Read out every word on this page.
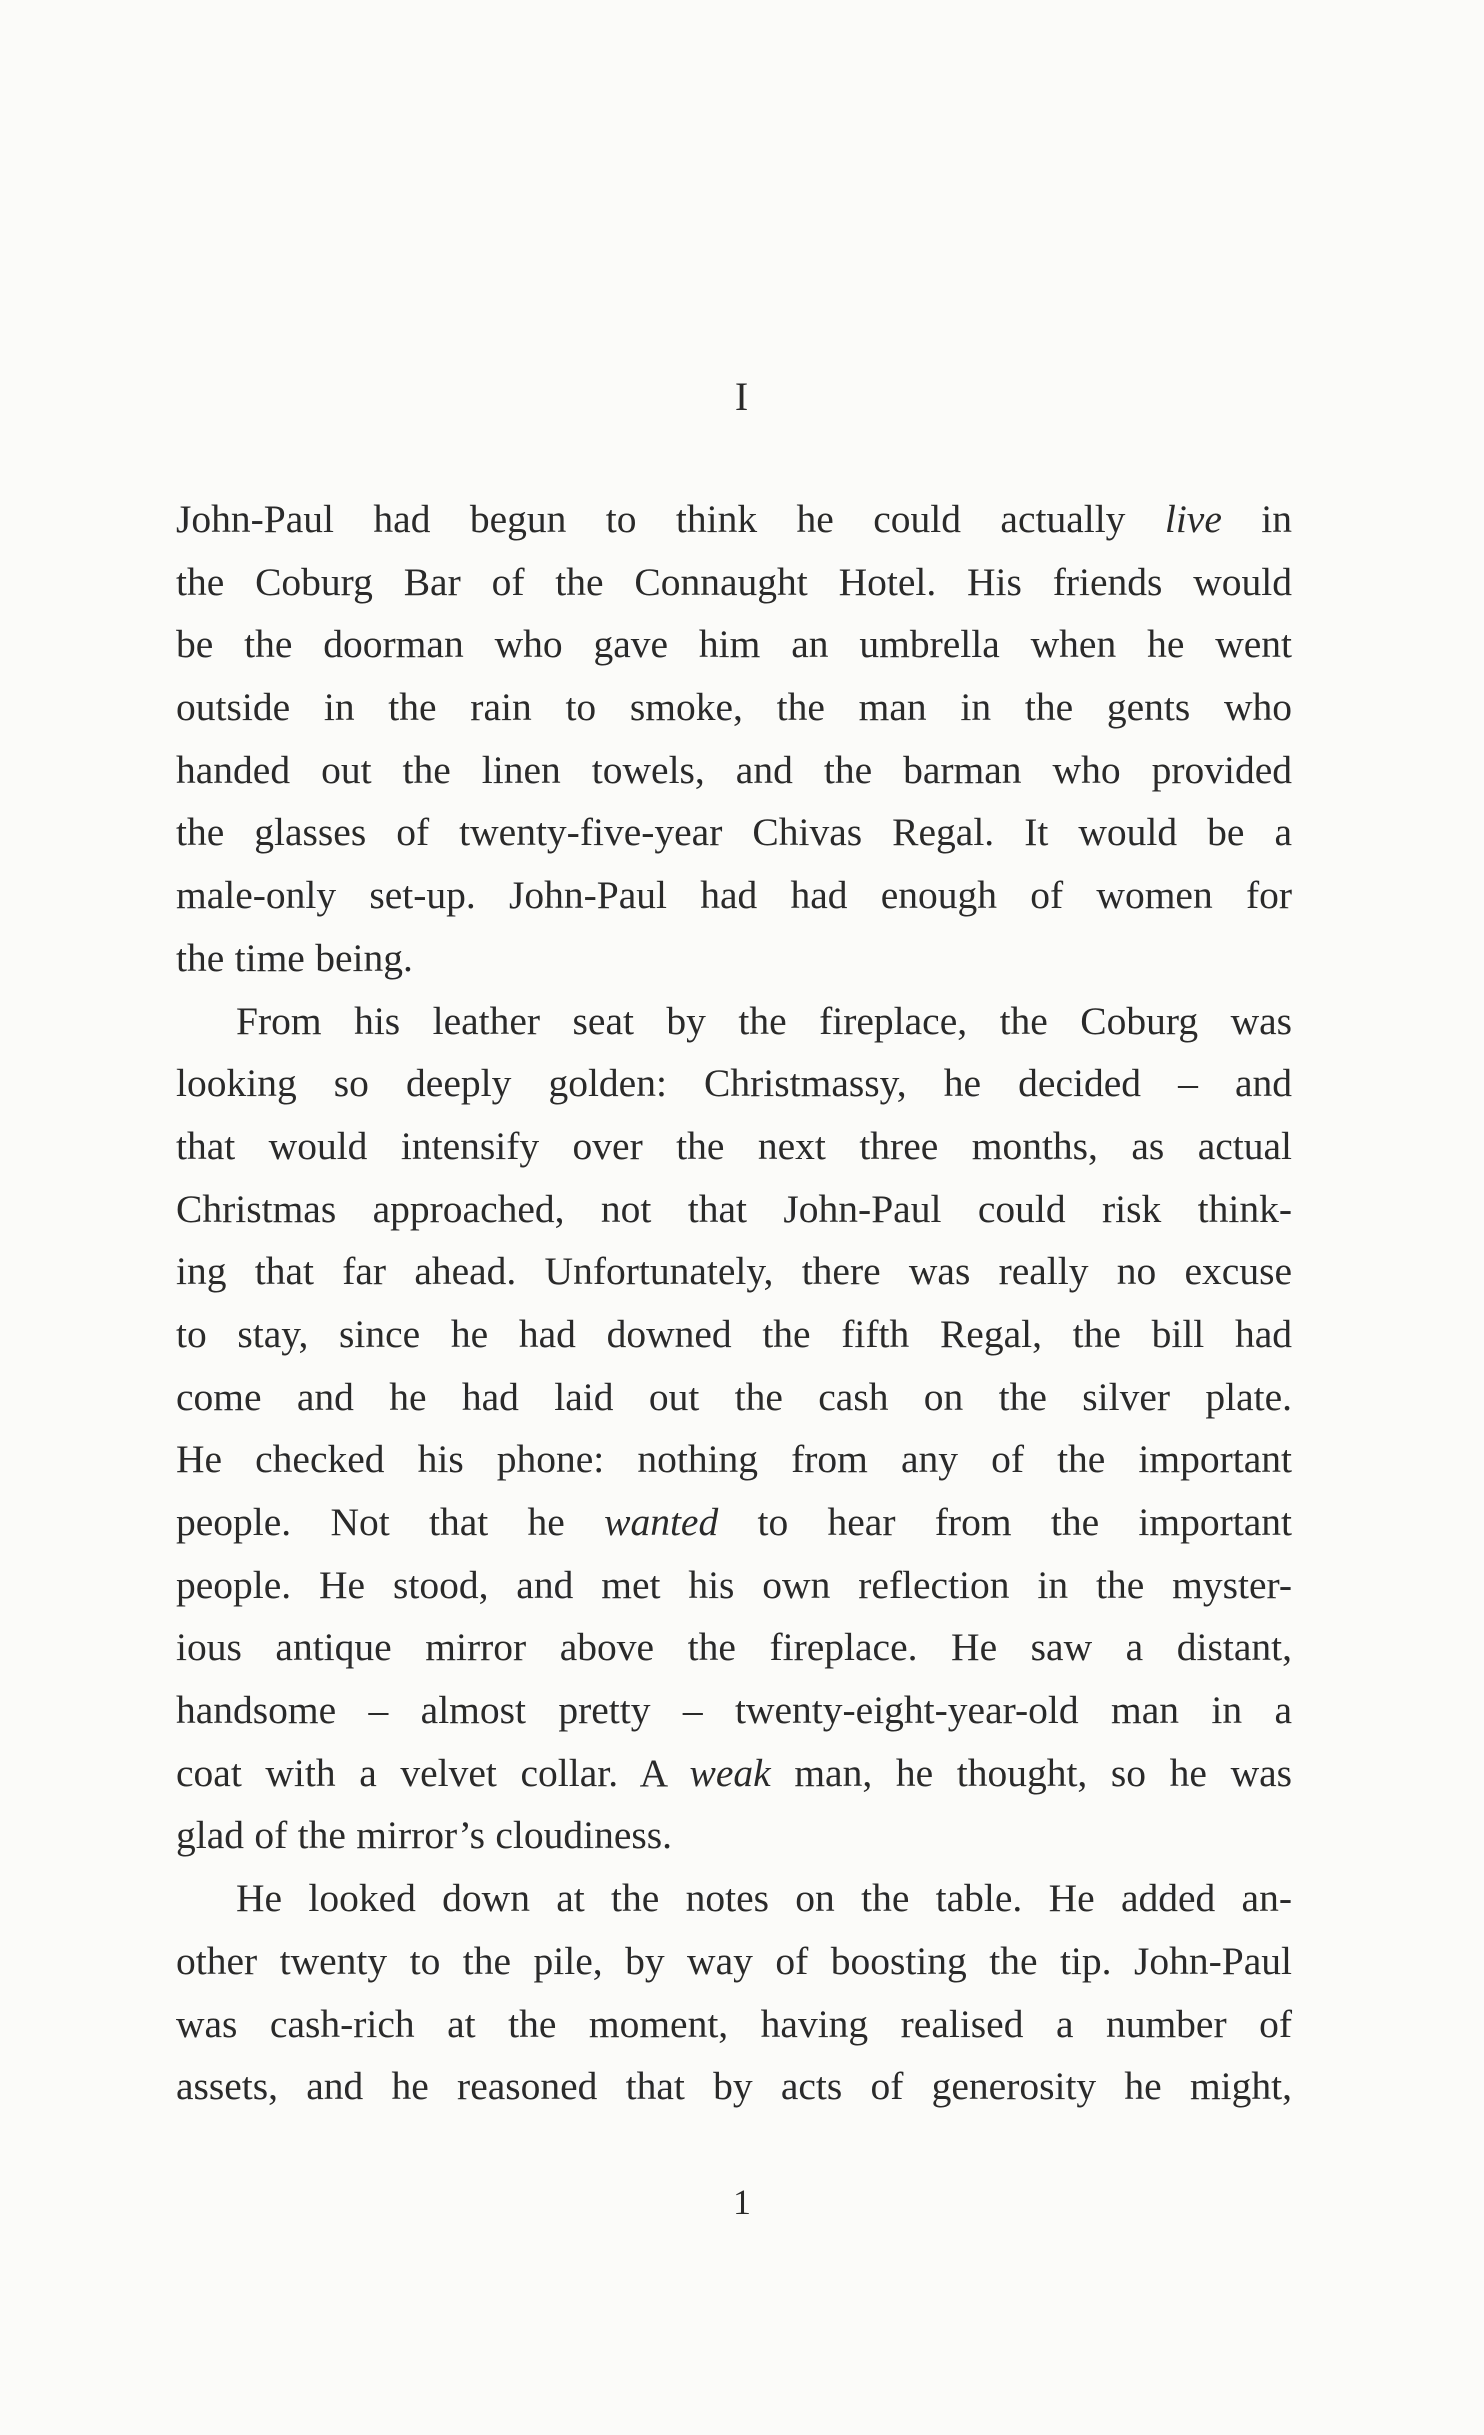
I
John-Paul had begun to think he could actually live in
the Coburg Bar of the Connaught Hotel. His friends would
be the doorman who gave him an umbrella when he went
outside in the rain to smoke, the man in the gents who
handed out the linen towels, and the barman who provided
the glasses of twenty-five-year Chivas Regal. It would be a
male-only set-up. John-Paul had had enough of women for
the time being.
From his leather seat by the fireplace, the Coburg was
looking so deeply golden: Christmassy, he decided – and
that would intensify over the next three months, as actual
Christmas approached, not that John-Paul could risk think-
ing that far ahead. Unfortunately, there was really no excuse
to stay, since he had downed the fifth Regal, the bill had
come and he had laid out the cash on the silver plate.
He checked his phone: nothing from any of the important
people. Not that he wanted to hear from the important
people. He stood, and met his own reflection in the myster-
ious antique mirror above the fireplace. He saw a distant,
handsome – almost pretty – twenty-eight-year-old man in a
coat with a velvet collar. A weak man, he thought, so he was
glad of the mirror’s cloudiness.
He looked down at the notes on the table. He added an-
other twenty to the pile, by way of boosting the tip. John-Paul
was cash-rich at the moment, having realised a number of
assets, and he reasoned that by acts of generosity he might,
1
